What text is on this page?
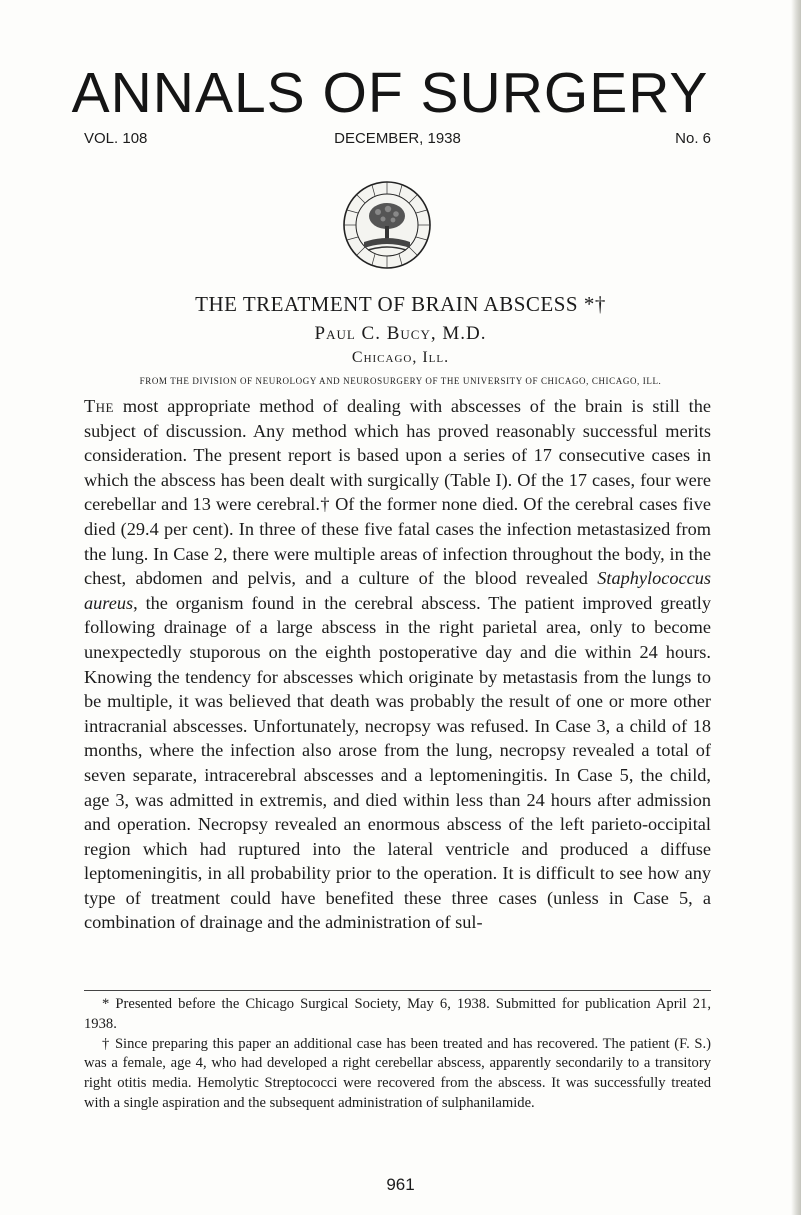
ANNALS OF SURGERY
VOL. 108	DECEMBER, 1938	No. 6
THE TREATMENT OF BRAIN ABSCESS *†
Paul C. Bucy, M.D.
Chicago, Ill.
FROM THE DIVISION OF NEUROLOGY AND NEUROSURGERY OF THE UNIVERSITY OF CHICAGO, CHICAGO, ILL.

The most appropriate method of dealing with abscesses of the brain is still the subject of discussion. Any method which has proved reasonably successful merits consideration. The present report is based upon a series of 17 consecutive cases in which the abscess has been dealt with surgically (Table I). Of the 17 cases, four were cerebellar and 13 were cerebral.† Of the former none died. Of the cerebral cases five died (29.4 per cent). In three of these five fatal cases the infection metastasized from the lung. In Case 2, there were multiple areas of infection throughout the body, in the chest, abdomen and pelvis, and a culture of the blood revealed Staphylococcus aureus, the organism found in the cerebral abscess. The patient improved greatly following drainage of a large abscess in the right parietal area, only to become unexpectedly stuporous on the eighth postoperative day and die within 24 hours. Knowing the tendency for abscesses which originate by metastasis from the lungs to be multiple, it was believed that death was probably the result of one or more other intracranial abscesses. Unfortunately, necropsy was refused. In Case 3, a child of 18 months, where the infection also arose from the lung, necropsy revealed a total of seven separate, intracerebral abscesses and a leptomeningitis. In Case 5, the child, age 3, was admitted in extremis, and died within less than 24 hours after admission and operation. Necropsy revealed an enormous abscess of the left parieto-occipital region which had ruptured into the lateral ventricle and produced a diffuse leptomeningitis, in all probability prior to the operation. It is difficult to see how any type of treatment could have benefited these three cases (unless in Case 5, a combination of drainage and the administration of sul-

* Presented before the Chicago Surgical Society, May 6, 1938. Submitted for publication April 21, 1938.

† Since preparing this paper an additional case has been treated and has recovered. The patient (F. S.) was a female, age 4, who had developed a right cerebellar abscess, apparently secondarily to a transitory right otitis media. Hemolytic Streptococci were recovered from the abscess. It was successfully treated with a single aspiration and the subsequent administration of sulphanilamide.

961
